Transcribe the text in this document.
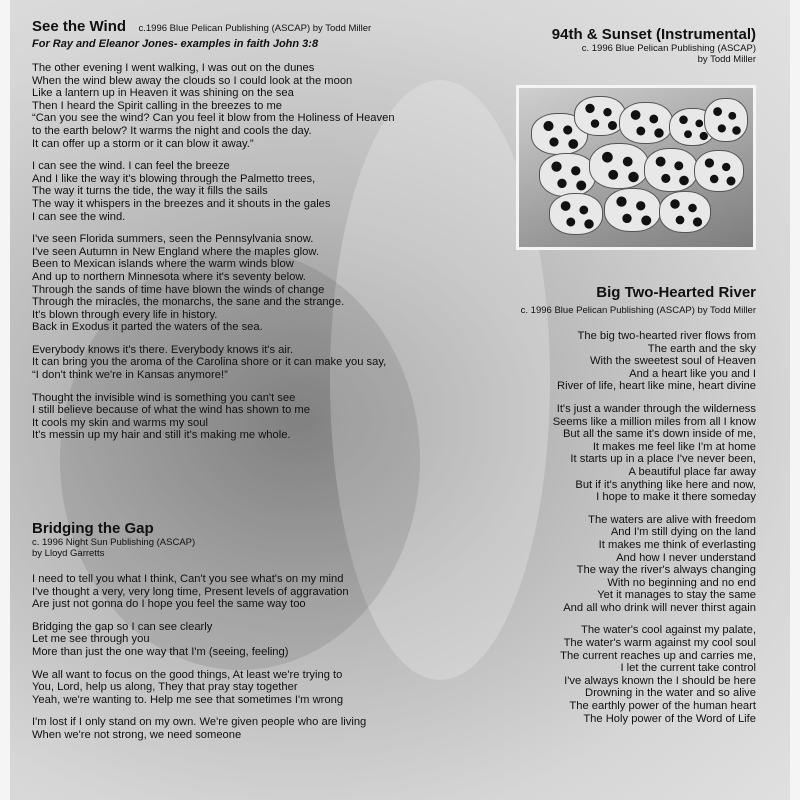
See the Wind c.1996 Blue Pelican Publishing (ASCAP) by Todd Miller
For Ray and Eleanor Jones- examples in faith John 3:8
The other evening I went walking, I was out on the dunes
When the wind blew away the clouds so I could look at the moon
Like a lantern up in Heaven it was shining on the sea
Then I heard the Spirit calling in the breezes to me
“Can you see the wind? Can you feel it blow from the Holiness of Heaven
to the earth below? It warms the night and cools the day.
It can offer up a storm or it can blow it away.”
I can see the wind. I can feel the breeze
And I like the way it's blowing through the Palmetto trees,
The way it turns the tide, the way it fills the sails
The way it whispers in the breezes and it shouts in the gales
I can see the wind.
I've seen Florida summers, seen the Pennsylvania snow.
I've seen Autumn in New England where the maples glow.
Been to Mexican islands where the warm winds blow
And up to northern Minnesota where it's seventy below.
Through the sands of time have blown the winds of change
Through the miracles, the monarchs, the sane and the strange.
It's blown through every life in history.
Back in Exodus it parted the waters of the sea.
Everybody knows it's there. Everybody knows it's air.
It can bring you the aroma of the Carolina shore or it can make you say,
“I don't think we're in Kansas anymore!”
Thought the invisible wind is something you can't see
I still believe because of what the wind has shown to me
It cools my skin and warms my soul
It's messin up my hair and still it's making me whole.
Bridging the Gap
c. 1996 Night Sun Publishing (ASCAP)
by Lloyd Garretts
I need to tell you what I think, Can't you see what's on my mind
I've thought a very, very long time, Present levels of aggravation
Are just not gonna do I hope you feel the same way too
Bridging the gap so I can see clearly
Let me see through you
More than just the one way that I'm (seeing, feeling)
We all want to focus on the good things, At least we're trying to
You, Lord, help us along, They that pray stay together
Yeah, we're wanting to. Help me see that sometimes I'm wrong
I'm lost if I only stand on my own. We're given people who are living
When we're not strong, we need someone
94th & Sunset (Instrumental)
c. 1996 Blue Pelican Publishing (ASCAP)
by Todd Miller
Big Two-Hearted River
c. 1996 Blue Pelican Publishing (ASCAP) by Todd Miller
The big two-hearted river flows from
The earth and the sky
With the sweetest soul of Heaven
And a heart like you and I
River of life, heart like mine, heart divine
It's just a wander through the wilderness
Seems like a million miles from all I know
But all the same it's down inside of me,
It makes me feel like I'm at home
It starts up in a place I've never been,
A beautiful place far away
But if it's anything like here and now,
I hope to make it there someday
The waters are alive with freedom
And I'm still dying on the land
It makes me think of everlasting
And how I never understand
The way the river's always changing
With no beginning and no end
Yet it manages to stay the same
And all who drink will never thirst again
The water's cool against my palate,
The water's warm against my cool soul
The current reaches up and carries me,
I let the current take control
I've always known the I should be here
Drowning in the water and so alive
The earthly power of the human heart
The Holy power of the Word of Life
